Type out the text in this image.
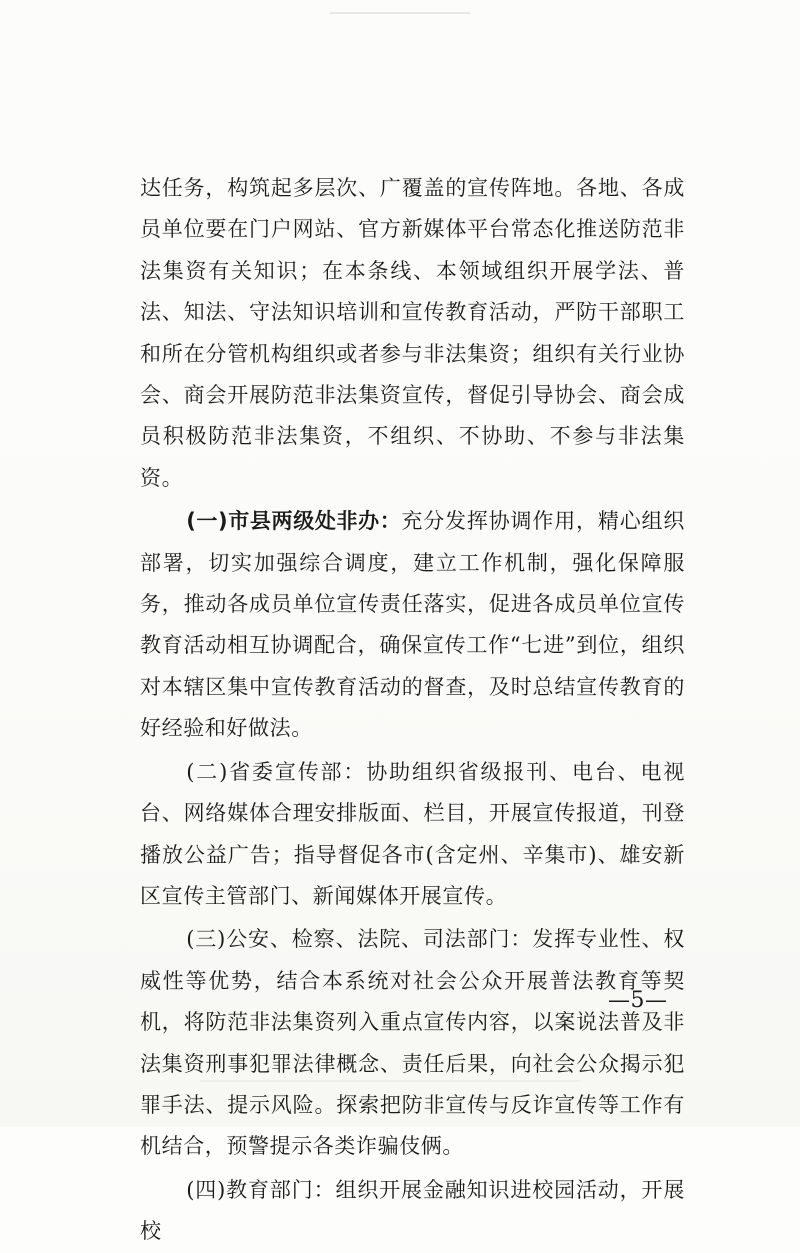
达任务，构筑起多层次、广覆盖的宣传阵地。各地、各成员单位要在门户网站、官方新媒体平台常态化推送防范非法集资有关知识；在本条线、本领域组织开展学法、普法、知法、守法知识培训和宣传教育活动，严防干部职工和所在分管机构组织或者参与非法集资；组织有关行业协会、商会开展防范非法集资宣传，督促引导协会、商会成员积极防范非法集资，不组织、不协助、不参与非法集资。

(一)市县两级处非办：充分发挥协调作用，精心组织部署，切实加强综合调度，建立工作机制，强化保障服务，推动各成员单位宣传责任落实，促进各成员单位宣传教育活动相互协调配合，确保宣传工作“七进”到位，组织对本辖区集中宣传教育活动的督查，及时总结宣传教育的好经验和好做法。

(二)省委宣传部：协助组织省级报刊、电台、电视台、网络媒体合理安排版面、栏目，开展宣传报道，刊登播放公益广告；指导督促各市(含定州、辛集市)、雄安新区宣传主管部门、新闻媒体开展宣传。

(三)公安、检察、法院、司法部门：发挥专业性、权威性等优势，结合本系统对社会公众开展普法教育等契机，将防范非法集资列入重点宣传内容，以案说法普及非法集资刑事犯罪法律概念、责任后果，向社会公众揭示犯罪手法、提示风险。探索把防非宣传与反诈宣传等工作有机结合，预警提示各类诈骗伎俩。

(四)教育部门：组织开展金融知识进校园活动，开展校

—5—
